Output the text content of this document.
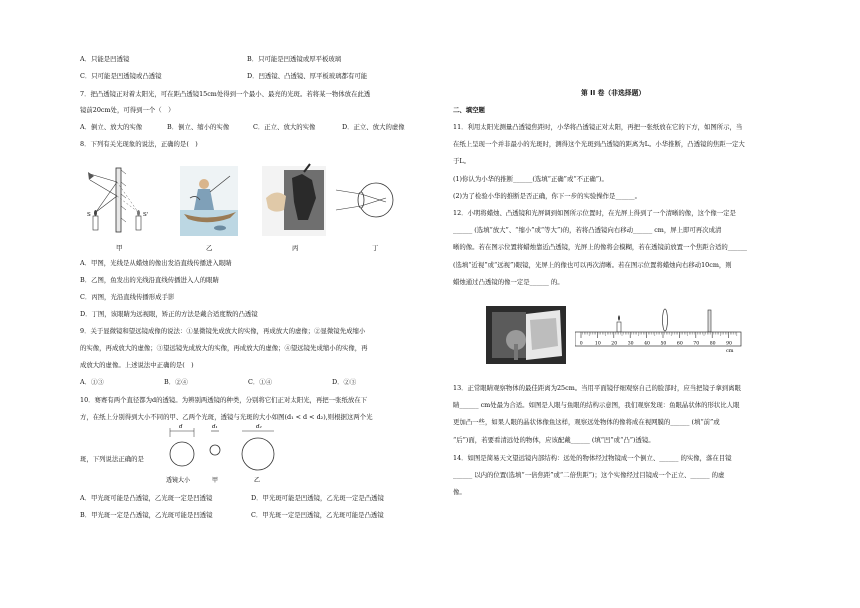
A．只能是凹透镜	B．只可能是凹透镜或厚平板玻璃
C．只可能是凹透镜或凸透镜	D．凹透镜、凸透镜、厚平板玻璃都有可能
7．把凸透镜正对着太阳光，可在距凸透镜15cm处得到一个最小、最亮的光斑。若将某一物体放在此透
镜前20cm处，可得到一个（　）
A．倒立、放大的实像	B．倒立、缩小的实像	C．正立、放大的实像	D．正立、放大的虚像
8．下列有关光现象的说法，正确的是(　)
S	S'
甲	乙	丙	丁
A．甲图，光线是从蜡烛的像出发沿直线传播进入眼睛
B．乙图，鱼发出的光线沿直线传播进入人的眼睛
C．丙图，光沿直线传播形成手影
D．丁图，该眼睛为远视眼，矫正的方法是戴合适度数的凸透镜
9．关于显微镜和望远镜成像的说法：①显微镜先成放大的实像，再成放大的虚像；②显微镜先成缩小
的实像，再成放大的虚像；③望远镜先成放大的实像，再成放大的虚像；④望远镜先成缩小的实像，再
成放大的虚像。上述说法中正确的是(　)
A．①③	B．②④	C．①④	D．②③
10．赛赛有两个直径都为d的透镜。为辨别两透镜的种类，分别将它们正对太阳光，再把一张纸放在下
方，在纸上分别得到大小不同的甲、乙两个光斑，透镜与光斑的大小如图(d₁ < d < d₂),则根据这两个光
斑，下列说法正确的是
d
透镜大小
d₁
甲
d₂
乙
A．甲光斑可能是凸透镜，乙光斑一定是凹透镜
B．甲光斑一定是凸透镜，乙光斑可能是凹透镜	C．甲光斑一定是凹透镜，乙光斑可能是凸透镜
D．甲光斑可能是凹透镜，乙光斑一定是凸透镜
第 II 卷（非选择题）
二、填空题
11．利用太阳光测量凸透镜焦距时，小华将凸透镜正对太阳，再把一张纸放在它的下方，如图所示，当
在纸上呈现一个并非最小的光斑时，测得这个光斑到凸透镜的距离为L。小华推断，凸透镜的焦距一定大
于L。
(1)你认为小华的推断______(选填“正确”或“不正确”)。
(2)为了检验小华的推断是否正确，你下一步的实验操作是______。
12．小明将蜡烛、凸透镜和光屏调到如图所示位置时，在光屏上得到了一个清晰的像，这个像一定是
______ (选填“放大”、“缩小”或“等大”)的，若将凸透镜向右移动______ cm，屏上即可再次成清
晰的像。若在图示位置将蜡烛靠近凸透镜，光屏上的像将会模糊，若在透镜前放置一个焦距合适的______
(选填“近视”或“远视”)眼镜，光屏上的像也可以再次清晰。若在图示位置将蜡烛向右移动10cm，则
蜡烛通过凸透镜的像一定是______ 的。
0	10 20 30 40 50 60 70 80 90
cm
13．正常眼睛观察物体的最佳距离为25cm。当用平面镜仔细观察自己的脸部时，应当把镜子拿到离眼
睛______ cm处最为合适。如图是人眼与鱼眼的结构示意图，我们观察发现：鱼眼晶状体的形状比人眼
更加凸一些，如果人眼的晶状体像鱼这样，观察远处物体的像将成在视网膜的______ (填“前”或
“后”)面，若要看清远处的物体，应该配戴______ (填“凹”或“凸”)透镜。
14．如图是简易天文望远镜内部结构：远处的物体经过物镜成一个倒立、______ 的实像，落在目镜
______ 以内的位置(选填“一倍焦距”或“二倍焦距”)；这个实像经过目镜成一个正立、______ 的虚
像。
